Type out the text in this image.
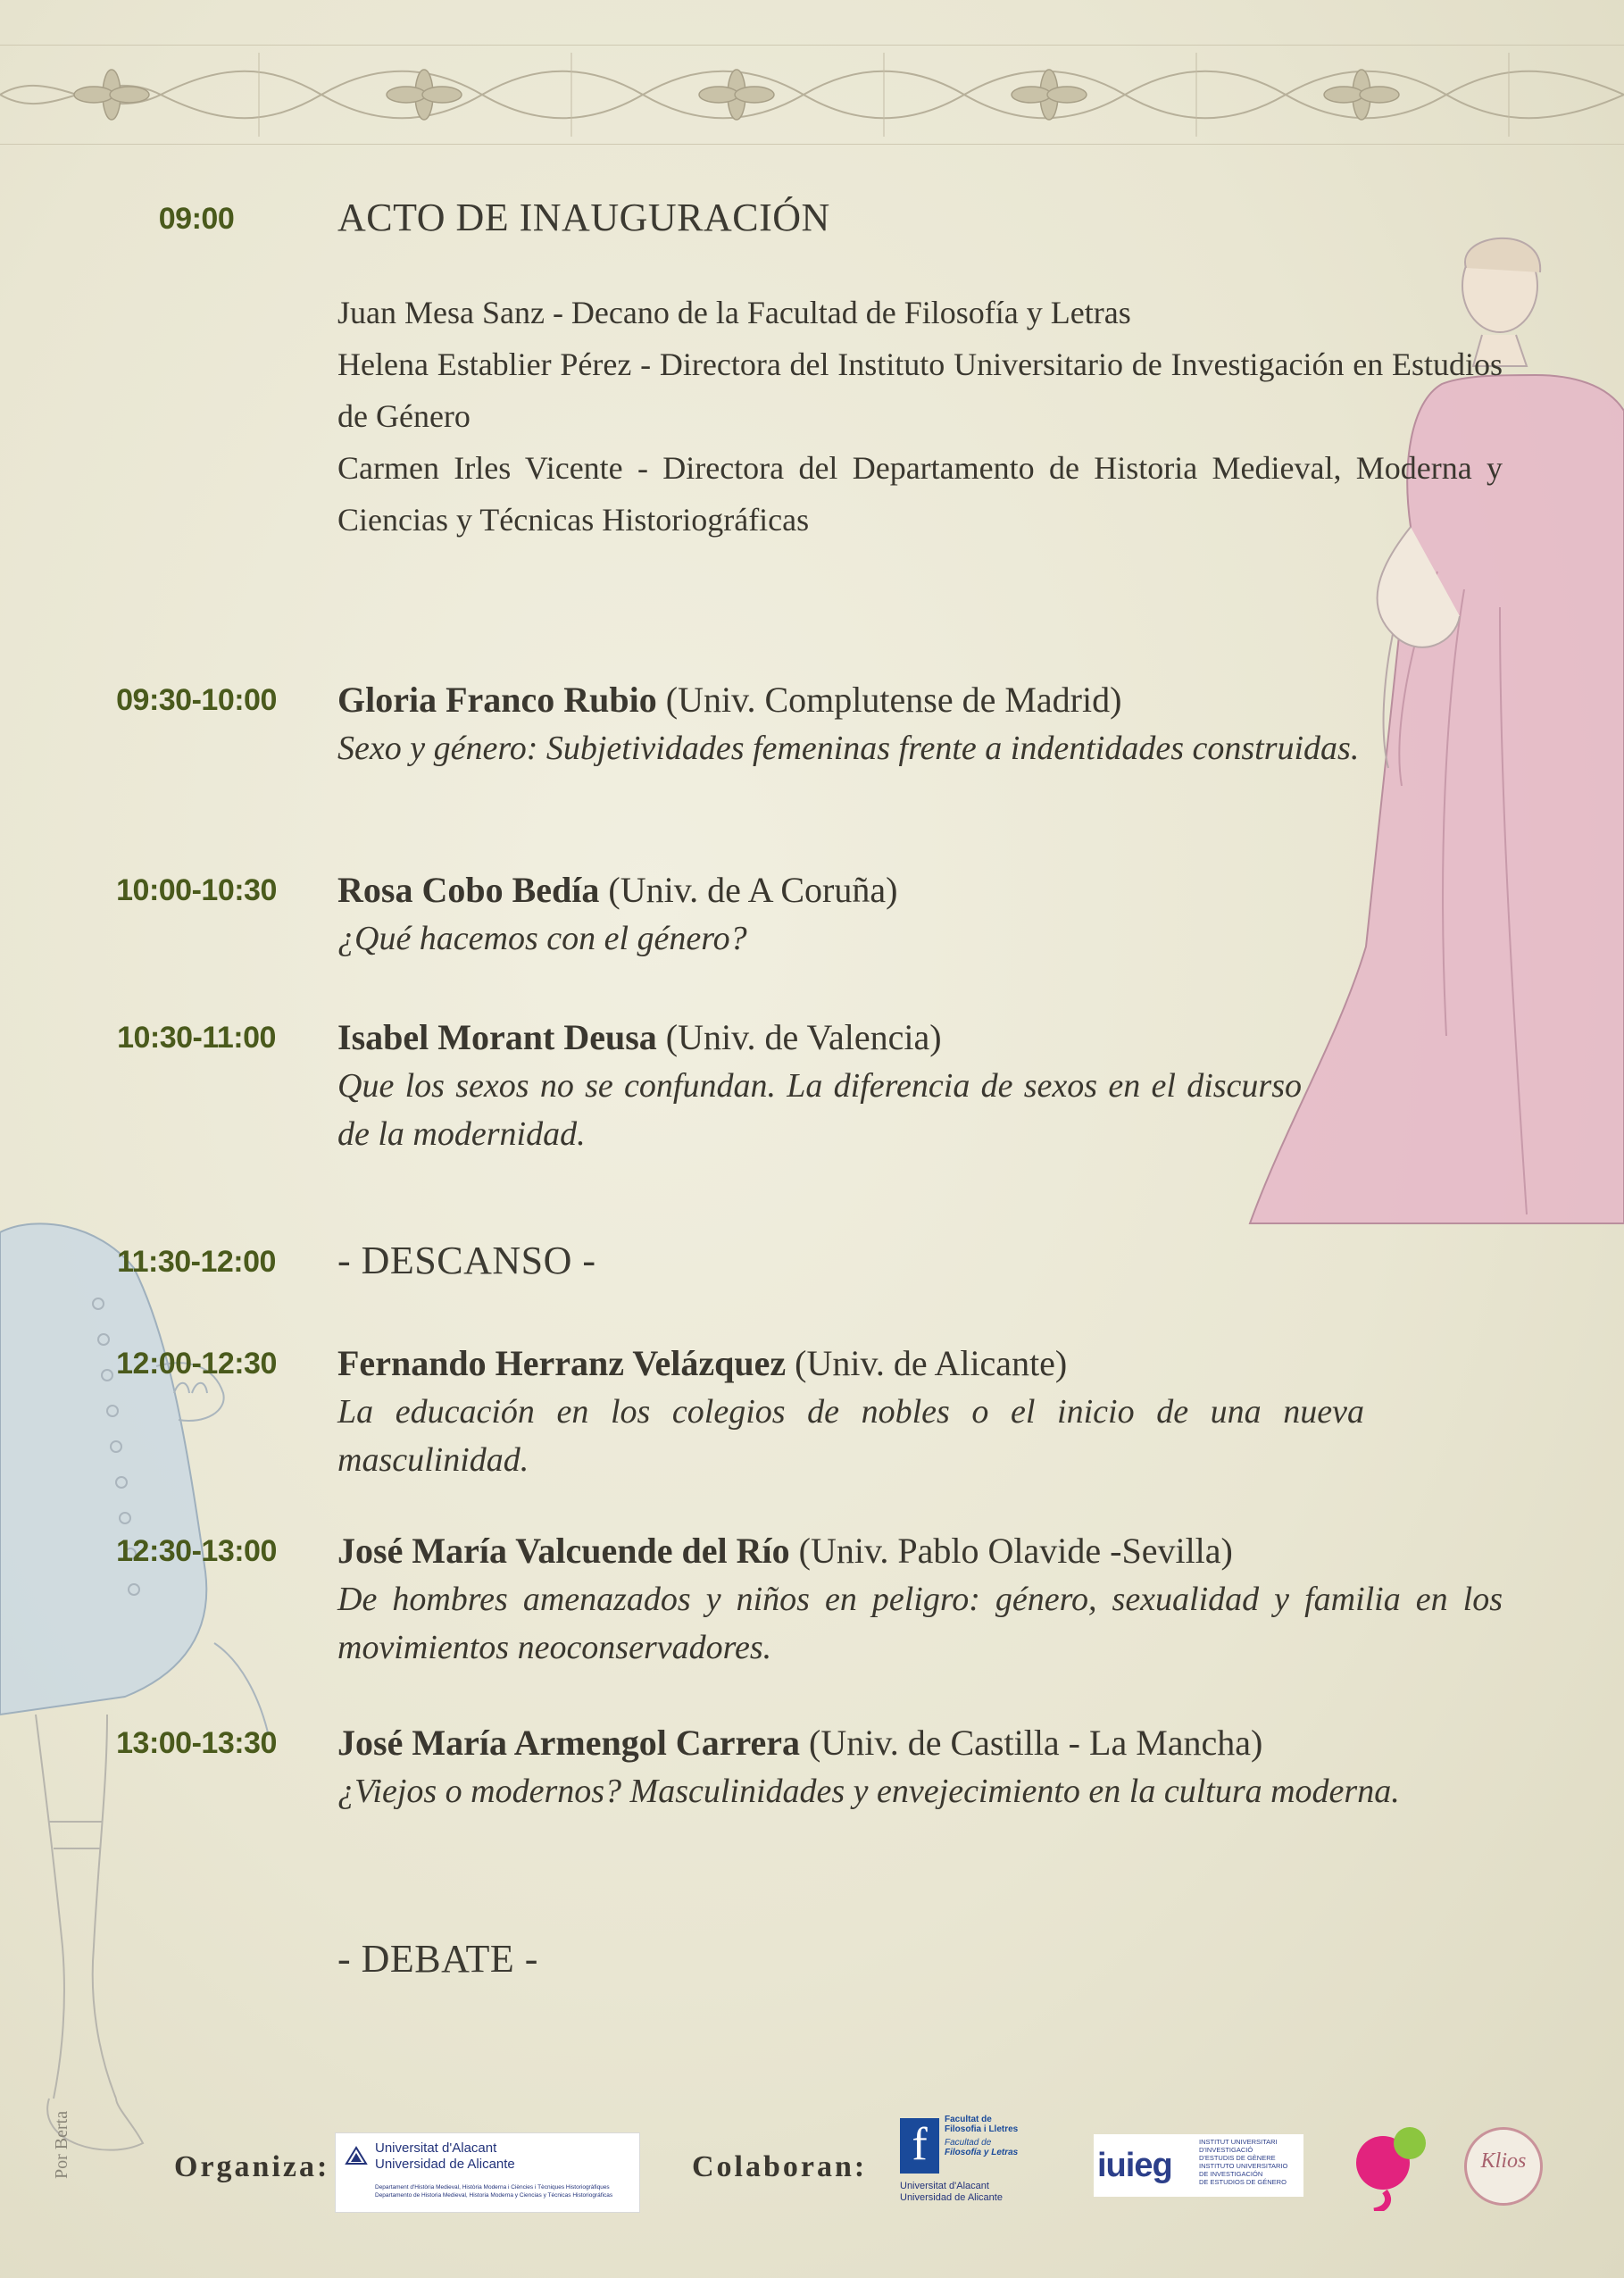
09:00	ACTO DE INAUGURACIÓN
Juan Mesa Sanz - Decano de la Facultad de Filosofía y Letras
Helena Establier Pérez - Directora del Instituto Universitario de Investigación en Estudios de Género
Carmen Irles Vicente - Directora del Departamento de Historia Medieval, Moderna y Ciencias y Técnicas Historiográficas
09:30-10:00	Gloria Franco Rubio (Univ. Complutense de Madrid)
Sexo y género: Subjetividades femeninas frente a indentidades construidas.
10:00-10:30	Rosa Cobo Bedía (Univ. de A Coruña)
¿Qué hacemos con el género?
10:30-11:00	Isabel Morant Deusa (Univ. de Valencia)
Que los sexos no se confundan. La diferencia de sexos en el discurso de la modernidad.
11:30-12:00	- DESCANSO -
12:00-12:30	Fernando Herranz Velázquez (Univ. de Alicante)
La educación en los colegios de nobles o el inicio de una nueva masculinidad.
12:30-13:00	José María Valcuende del Río (Univ. Pablo Olavide -Sevilla)
De hombres amenazados y niños en peligro: género, sexualidad y familia en los movimientos neoconservadores.
13:00-13:30	José María Armengol Carrera (Univ. de Castilla - La Mancha)
¿Viejos o modernos? Masculinidades y envejecimiento en la cultura moderna.
- DEBATE -
Por Berta	Organiza:
Universitat d'Alacant
Universidad de Alicante
Departament d'Història Medieval, Història Moderna i Ciències i Tècniques Historiogràfiques
Departamento de Historia Medieval, Historia Moderna y Ciencias y Técnicas Historiográficas
Colaboran: f	Facultat de
Filosofia i Lletres
Facultad de
Filosofía y Letras
Universitat d'Alacant
Universidad de Alicante
iuieg
INSTITUT UNIVERSITARI
D'INVESTIGACIÓ
D'ESTUDIS DE GÈNERE
INSTITUTO UNIVERSITARIO
DE INVESTIGACIÓN
DE ESTUDIOS DE GÉNERO
Klios
